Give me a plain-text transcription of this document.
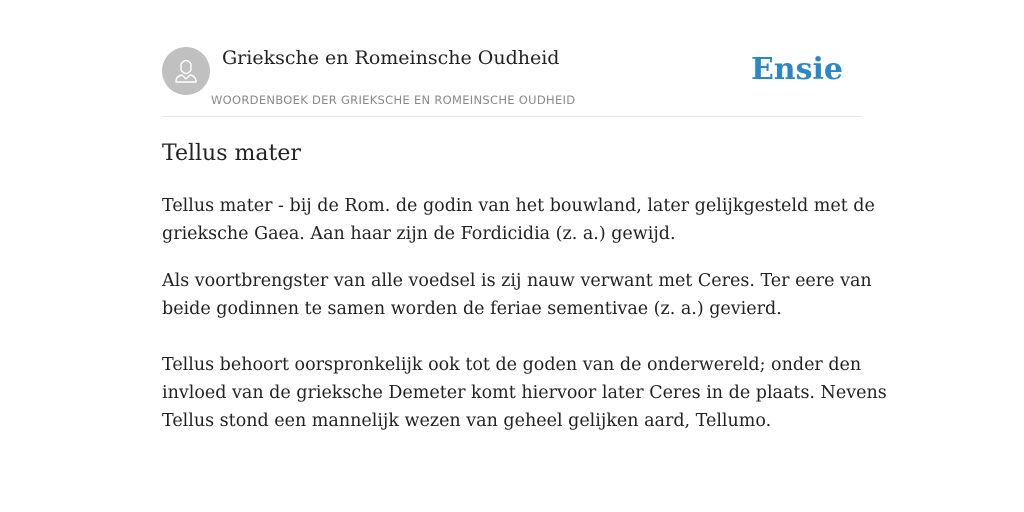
Grieksche en Romeinsche Oudheid
WOORDENBOEK DER GRIEKSCHE EN ROMEINSCHE OUDHEID
Ensie
Tellus mater

Tellus mater - bij de Rom. de godin van het bouwland, later gelijkgesteld met de
grieksche Gaea. Aan haar zijn de Fordicidia (z. a.) gewijd.

Als voortbrengster van alle voedsel is zij nauw verwant met Ceres. Ter eere van
beide godinnen te samen worden de feriae sementivae (z. a.) gevierd.

Tellus behoort oorspronkelijk ook tot de goden van de onderwereld; onder den
invloed van de grieksche Demeter komt hiervoor later Ceres in de plaats. Nevens
Tellus stond een mannelijk wezen van geheel gelijken aard, Tellumo.
